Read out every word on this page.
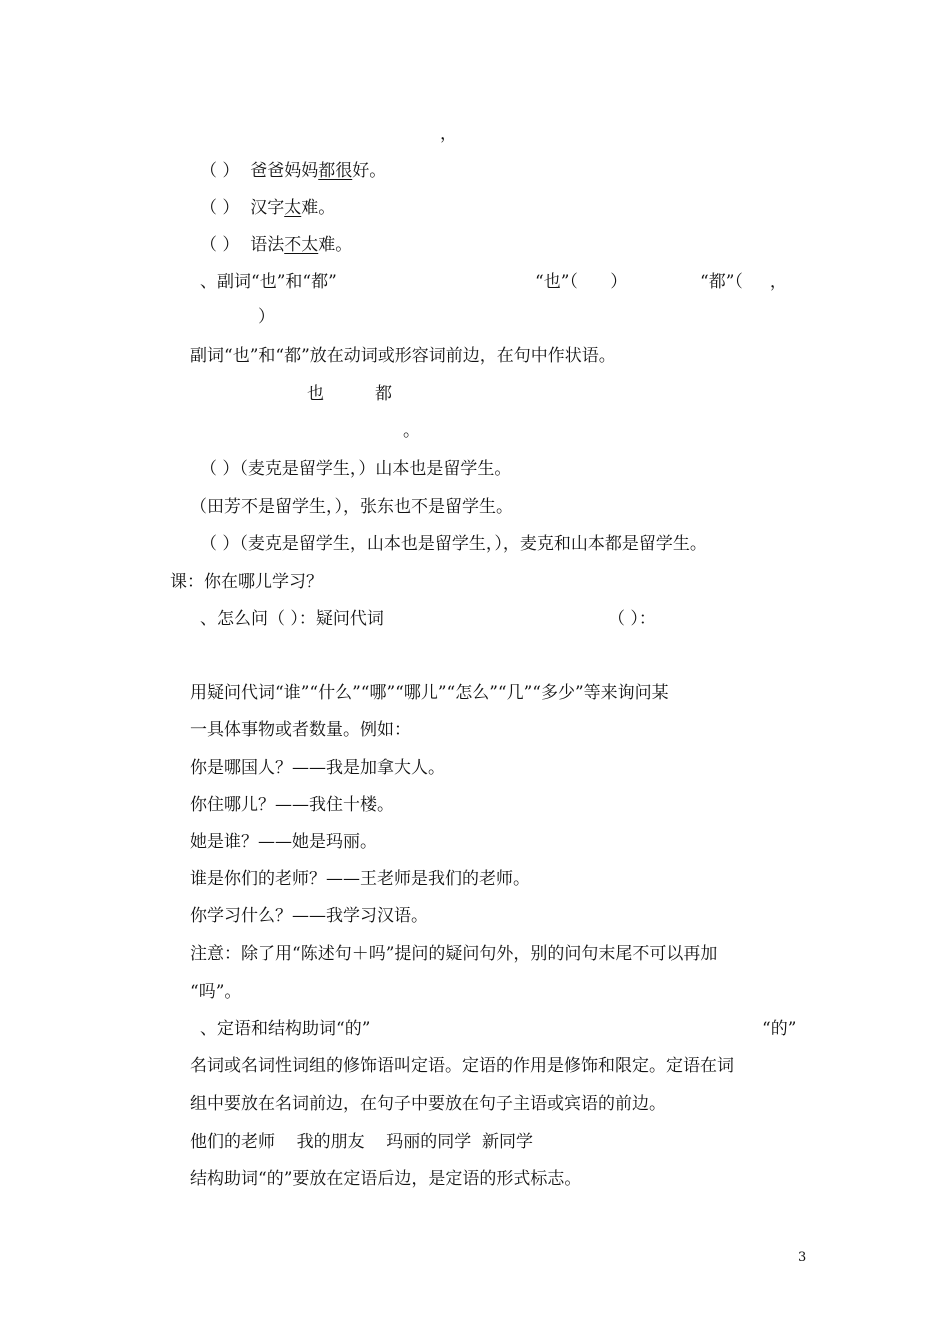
，
（ ）  爸爸妈妈都很好。
（ ）  汉字太难。
（ ）  语法不太难。
、副词“也”和“都”	“也”（      ）	“都”（     ，
）
副词“也”和“都”放在动词或形容词前边，在句中作状语。
也	都
。
（ ）（麦克是留学生，）山本也是留学生。
（田芳不是留学生，），张东也不是留学生。
（ ）（麦克是留学生，山本也是留学生，），麦克和山本都是留学生。
课：你在哪儿学习？
、怎么问（ ）：疑问代词	（ ）：
用疑问代词“谁”“什么”“哪”“哪儿”“怎么”“几”“多少”等来询问某
一具体事物或者数量。例如：
你是哪国人？——我是加拿大人。
你住哪儿？——我住十楼。
她是谁？——她是玛丽。
谁是你们的老师？——王老师是我们的老师。
你学习什么？——我学习汉语。
注意：除了用“陈述句＋吗”提问的疑问句外，别的问句末尾不可以再加
“吗”。
、定语和结构助词“的”	“的”
名词或名词性词组的修饰语叫定语。定语的作用是修饰和限定。定语在词
组中要放在名词前边，在句子中要放在句子主语或宾语的前边。
他们的老师    我的朋友    玛丽的同学  新同学
结构助词“的”要放在定语后边，是定语的形式标志。
3
